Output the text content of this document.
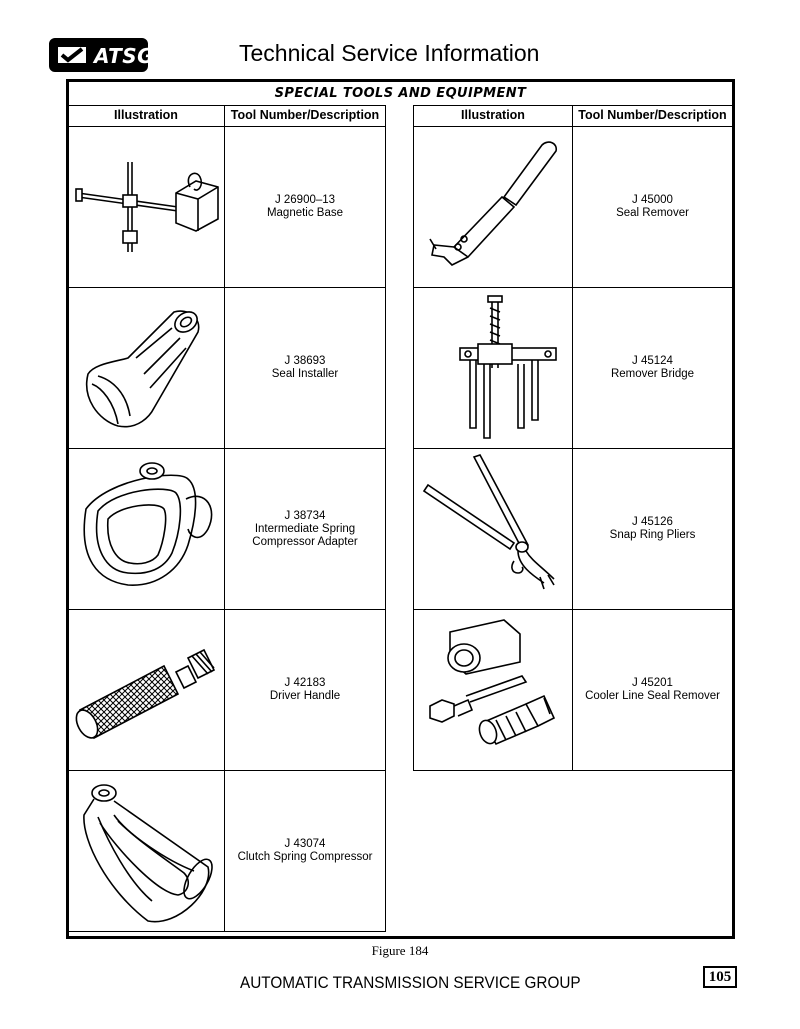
ATSG	Technical Service Information
SPECIAL TOOLS AND EQUIPMENT
Illustration	Tool Number/Description
J 26900–13
Magnetic Base
J 38693
Seal Installer
J 38734
Intermediate Spring Compressor Adapter
J 42183
Driver Handle
J 43074
Clutch Spring Compressor
Illustration	Tool Number/Description
J 45000
Seal Remover
J 45124
Remover Bridge
J 45126
Snap Ring Pliers
J 45201
Cooler Line Seal Remover
Figure 184
AUTOMATIC TRANSMISSION SERVICE GROUP	105
